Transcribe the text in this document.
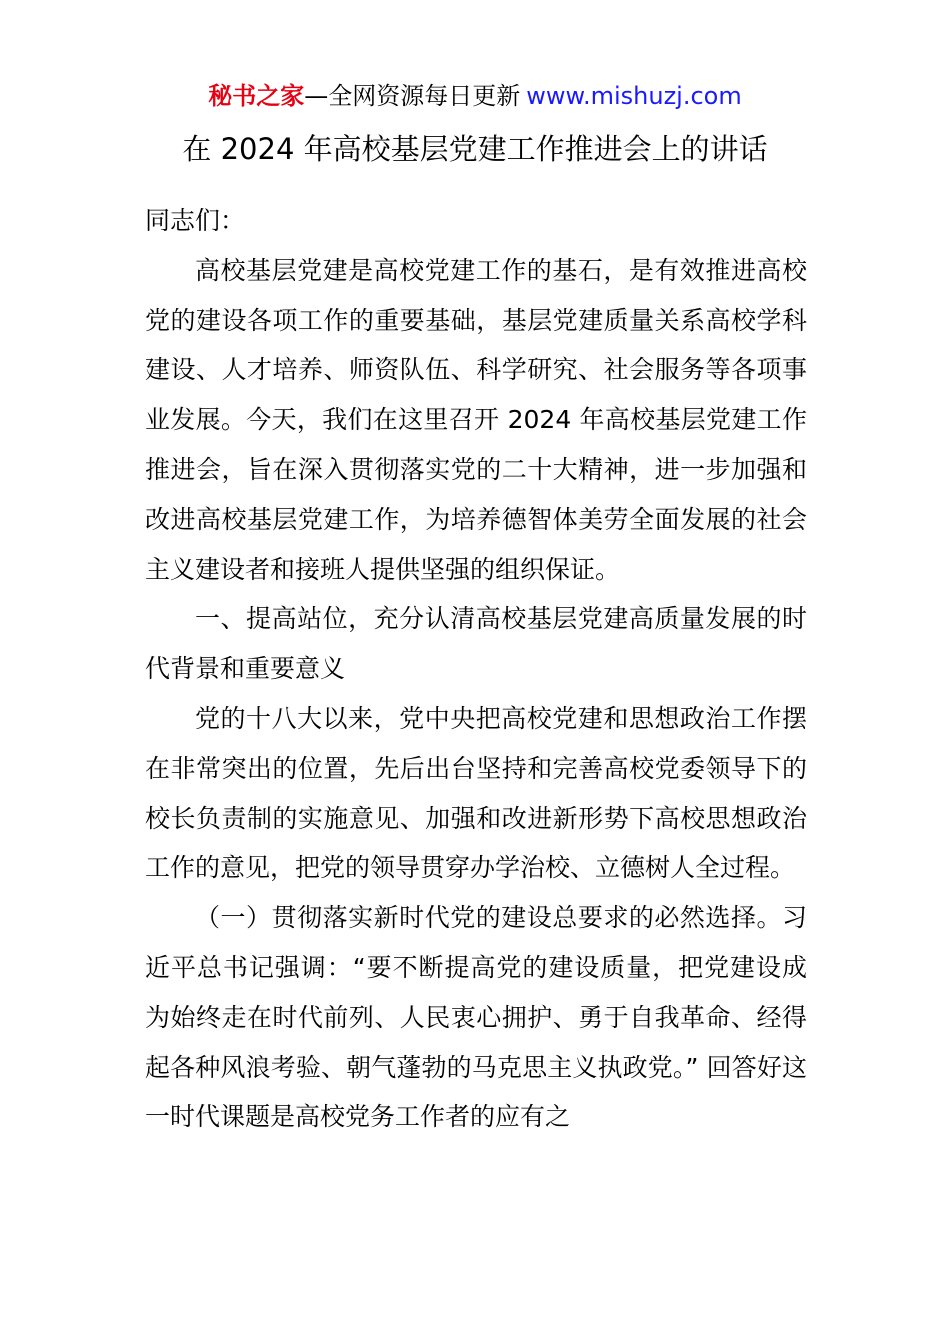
秘书之家—全网资源每日更新 www.mishuzj.com
在 2024 年高校基层党建工作推进会上的讲话

同志们：

高校基层党建是高校党建工作的基石，是有效推进高校党的建设各项工作的重要基础，基层党建质量关系高校学科建设、人才培养、师资队伍、科学研究、社会服务等各项事业发展。今天，我们在这里召开 2024 年高校基层党建工作推进会，旨在深入贯彻落实党的二十大精神，进一步加强和改进高校基层党建工作，为培养德智体美劳全面发展的社会主义建设者和接班人提供坚强的组织保证。

一、提高站位，充分认清高校基层党建高质量发展的时代背景和重要意义

党的十八大以来，党中央把高校党建和思想政治工作摆在非常突出的位置，先后出台坚持和完善高校党委领导下的校长负责制的实施意见、加强和改进新形势下高校思想政治工作的意见，把党的领导贯穿办学治校、立德树人全过程。

（一）贯彻落实新时代党的建设总要求的必然选择。习近平总书记强调：“要不断提高党的建设质量，把党建设成为始终走在时代前列、人民衷心拥护、勇于自我革命、经得起各种风浪考验、朝气蓬勃的马克思主义执政党。” 回答好这一时代课题是高校党务工作者的应有之
